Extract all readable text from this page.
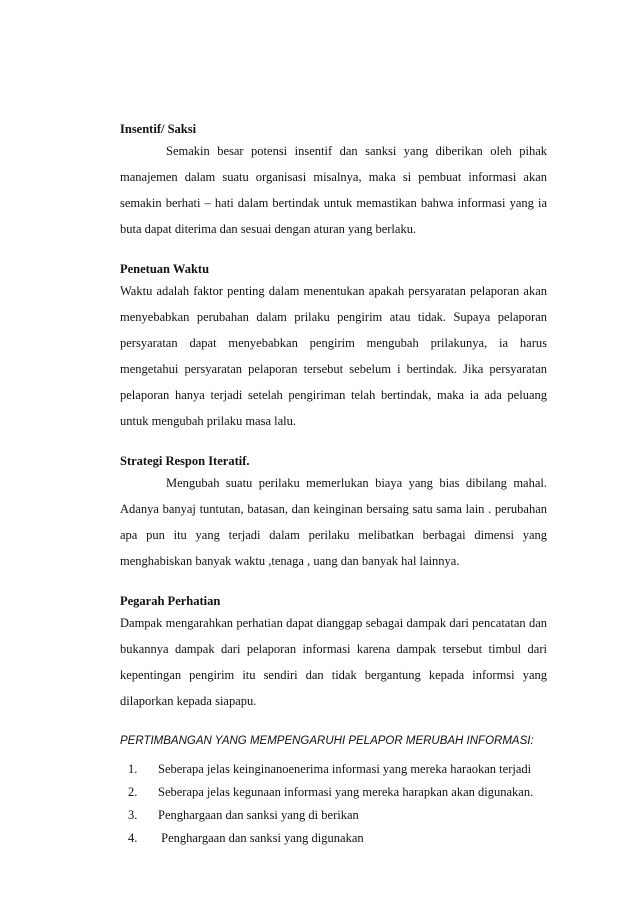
Insentif/ Saksi

Semakin besar potensi insentif dan sanksi yang diberikan oleh pihak manajemen dalam suatu organisasi misalnya, maka si pembuat informasi akan semakin berhati – hati dalam bertindak untuk memastikan bahwa informasi yang ia buta dapat diterima dan sesuai dengan aturan yang berlaku.

Penetuan Waktu

Waktu adalah faktor penting dalam menentukan apakah persyaratan pelaporan akan menyebabkan perubahan dalam prilaku pengirim atau tidak. Supaya pelaporan persyaratan dapat menyebabkan pengirim mengubah prilakunya, ia harus mengetahui persyaratan pelaporan tersebut sebelum i bertindak. Jika persyaratan pelaporan hanya terjadi setelah pengiriman telah bertindak, maka ia ada peluang untuk mengubah prilaku masa lalu.

Strategi Respon Iteratif.

Mengubah suatu perilaku memerlukan biaya yang bias dibilang mahal. Adanya banyaj tuntutan, batasan, dan keinginan bersaing satu sama lain . perubahan apa pun itu yang terjadi dalam perilaku melibatkan berbagai dimensi yang menghabiskan banyak waktu ,tenaga , uang dan banyak hal lainnya.

Pegarah Perhatian

Dampak mengarahkan perhatian dapat dianggap sebagai dampak dari pencatatan dan bukannya dampak dari pelaporan informasi karena dampak tersebut timbul dari kepentingan pengirim itu sendiri dan tidak bergantung kepada informsi yang dilaporkan kepada siapapu.

PERTIMBANGAN YANG MEMPENGARUHI PELAPOR MERUBAH INFORMASI:

1.	Seberapa jelas keinginanoenerima informasi yang mereka haraokan terjadi
2.	Seberapa jelas kegunaan informasi yang mereka harapkan akan digunakan.
3.	Penghargaan dan sanksi yang di berikan
4.	Penghargaan dan sanksi yang digunakan
